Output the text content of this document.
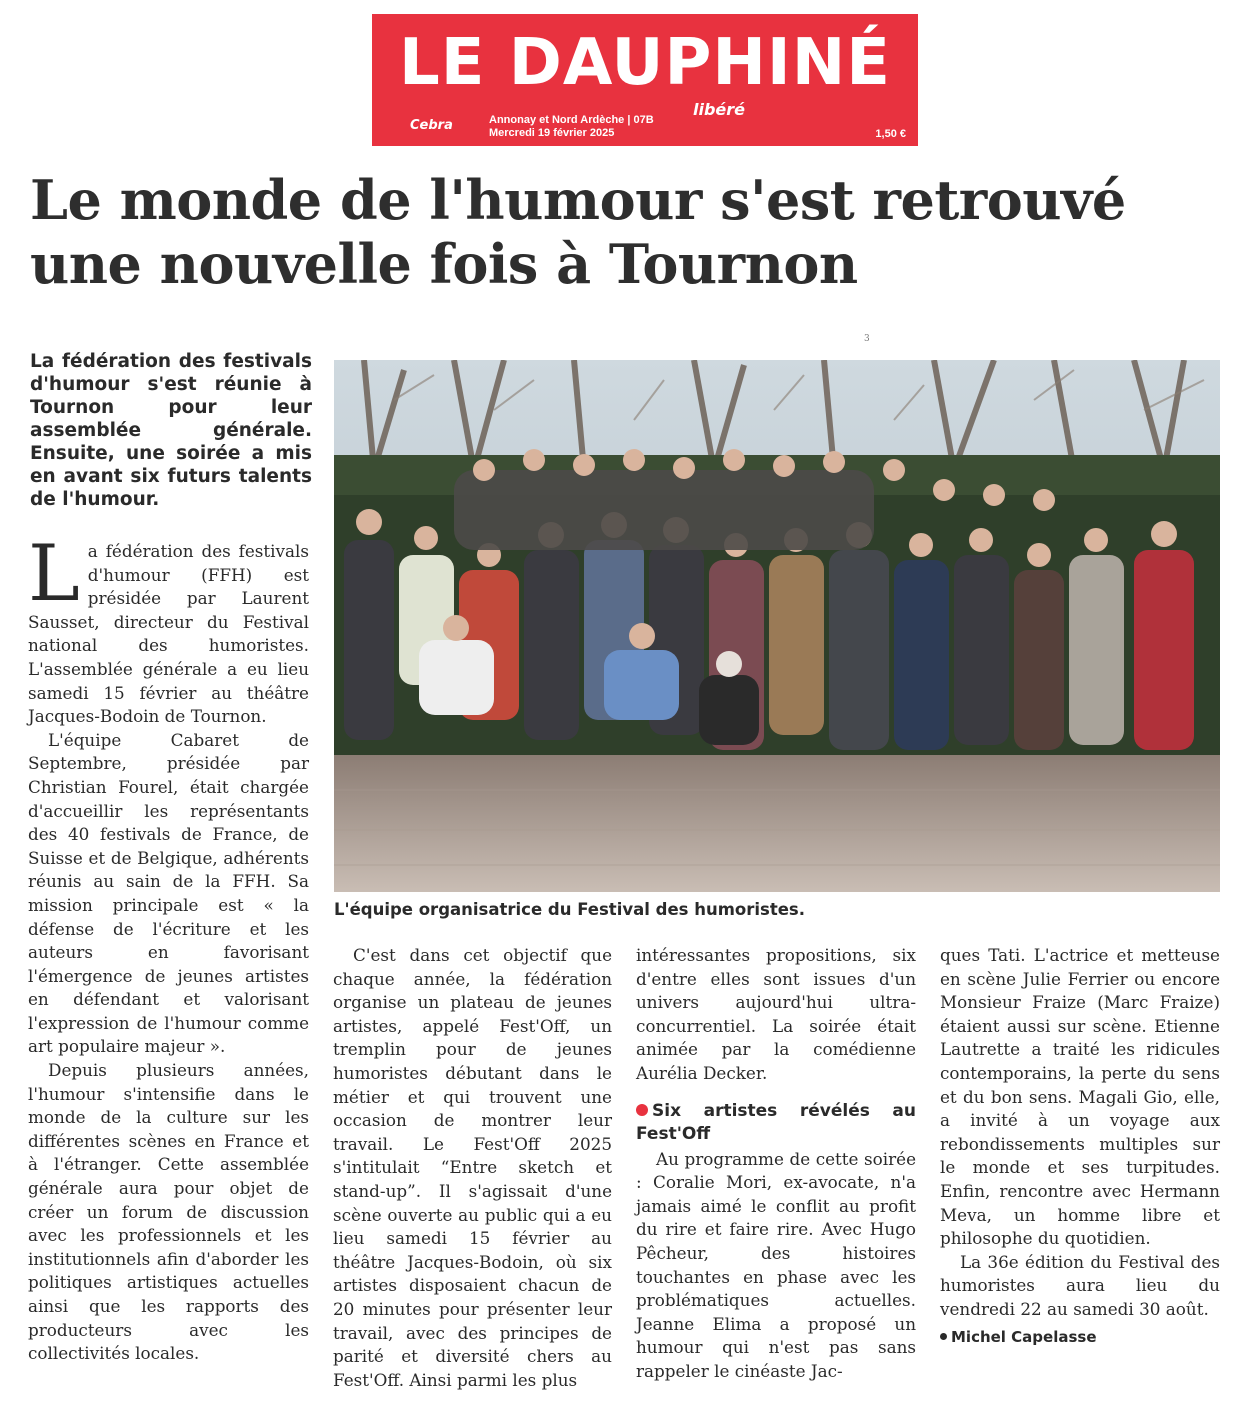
LE DAUPHINÉ
libéré
Cebra	Annonay et Nord Ardèche | 07B
Mercredi 19 février 2025	1,50 €
Le monde de l'humour s'est retrouvé
une nouvelle fois à Tournon
3
La fédération des festivals d'humour s'est réunie à Tournon pour leur assemblée générale. Ensuite, une soirée a mis en avant six futurs talents de l'humour.

La fédération des festivals d'humour (FFH) est présidée par Laurent Sausset, directeur du Festival national des humoristes. L'assemblée générale a eu lieu samedi 15 février au théâtre Jacques-Bodoin de Tournon.

L'équipe Cabaret de Septembre, présidée par Christian Fourel, était chargée d'accueillir les représentants des 40 festivals de France, de Suisse et de Belgique, adhérents réunis au sain de la FFH. Sa mission principale est « la défense de l'écriture et les auteurs en favorisant l'émergence de jeunes artistes en défendant et valorisant l'expression de l'humour comme art populaire majeur ».

Depuis plusieurs années, l'humour s'intensifie dans le monde de la culture sur les différentes scènes en France et à l'étranger. Cette assemblée générale aura pour objet de créer un forum de discussion avec les professionnels et les institutionnels afin d'aborder les politiques artistiques actuelles ainsi que les rapports des producteurs avec les collectivités locales.

L'équipe organisatrice du Festival des humoristes.

C'est dans cet objectif que chaque année, la fédération organise un plateau de jeunes artistes, appelé Fest'Off, un tremplin pour de jeunes humoristes débutant dans le métier et qui trouvent une occasion de montrer leur travail. Le Fest'Off 2025 s'intitulait “Entre sketch et stand-up”. Il s'agissait d'une scène ouverte au public qui a eu lieu samedi 15 février au théâtre Jacques-Bodoin, où six artistes disposaient chacun de 20 minutes pour présenter leur travail, avec des principes de parité et diversité chers au Fest'Off. Ainsi parmi les plus

intéressantes propositions, six d'entre elles sont issues d'un univers aujourd'hui ultra-concurrentiel. La soirée était animée par la comédienne Aurélia Decker.

Six artistes révélés au Fest'Off

Au programme de cette soirée : Coralie Mori, ex-avocate, n'a jamais aimé le conflit au profit du rire et faire rire. Avec Hugo Pêcheur, des histoires touchantes en phase avec les problématiques actuelles. Jeanne Elima a proposé un humour qui n'est pas sans rappeler le cinéaste Jac-

ques Tati. L'actrice et metteuse en scène Julie Ferrier ou encore Monsieur Fraize (Marc Fraize) étaient aussi sur scène. Etienne Lautrette a traité les ridicules contemporains, la perte du sens et du bon sens. Magali Gio, elle, a invité à un voyage aux rebondissements multiples sur le monde et ses turpitudes. Enfin, rencontre avec Hermann Meva, un homme libre et philosophe du quotidien.

La 36e édition du Festival des humoristes aura lieu du vendredi 22 au samedi 30 août.

Michel Capelasse
